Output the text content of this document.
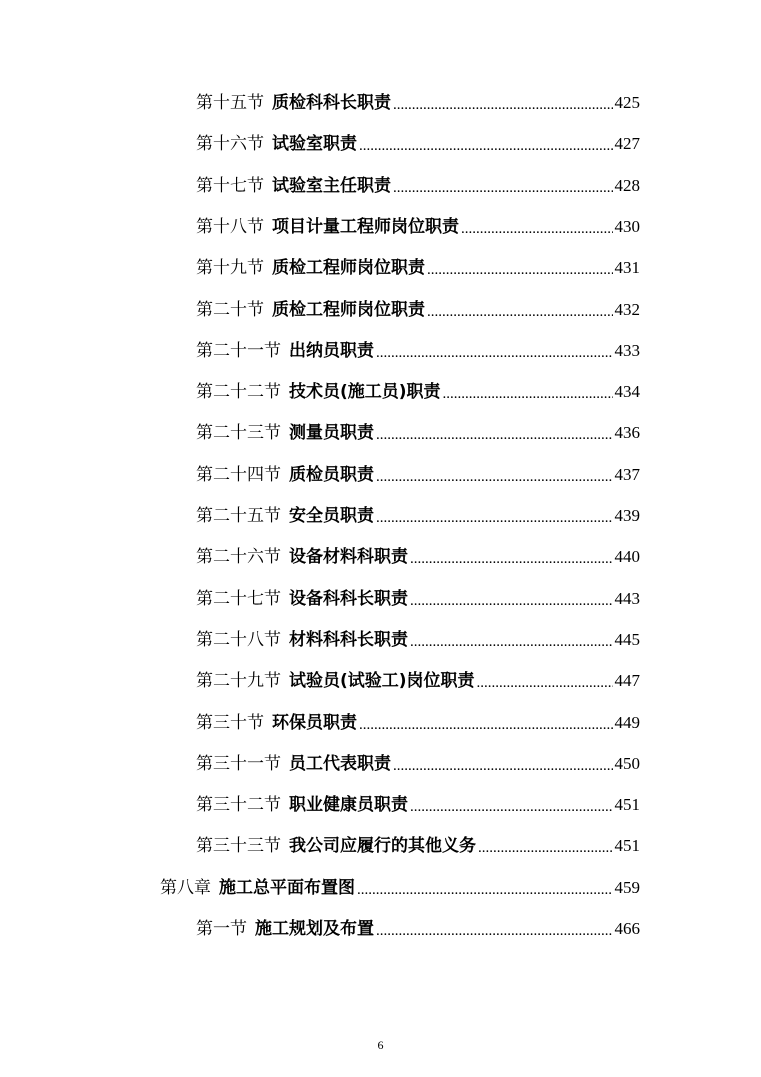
第十五节 质检科科长职责 .....	425
第十六节 试验室职责 .....	427
第十七节 试验室主任职责 .....	428
第十八节 项目计量工程师岗位职责 .....	430
第十九节 质检工程师岗位职责 .....	431
第二十节 质检工程师岗位职责 .....	432
第二十一节 出纳员职责 .....	433
第二十二节 技术员(施工员)职责 .....	434
第二十三节 测量员职责 .....	436
第二十四节 质检员职责 .....	437
第二十五节 安全员职责 .....	439
第二十六节 设备材料科职责 .....	440
第二十七节 设备科科长职责 .....	443
第二十八节 材料科科长职责 .....	445
第二十九节 试验员(试验工)岗位职责 .....	447
第三十节 环保员职责 .....	449
第三十一节 员工代表职责 .....	450
第三十二节 职业健康员职责 .....	451
第三十三节 我公司应履行的其他义务 .....	451
第八章 施工总平面布置图 .....	459
第一节 施工规划及布置 .....	466
6
